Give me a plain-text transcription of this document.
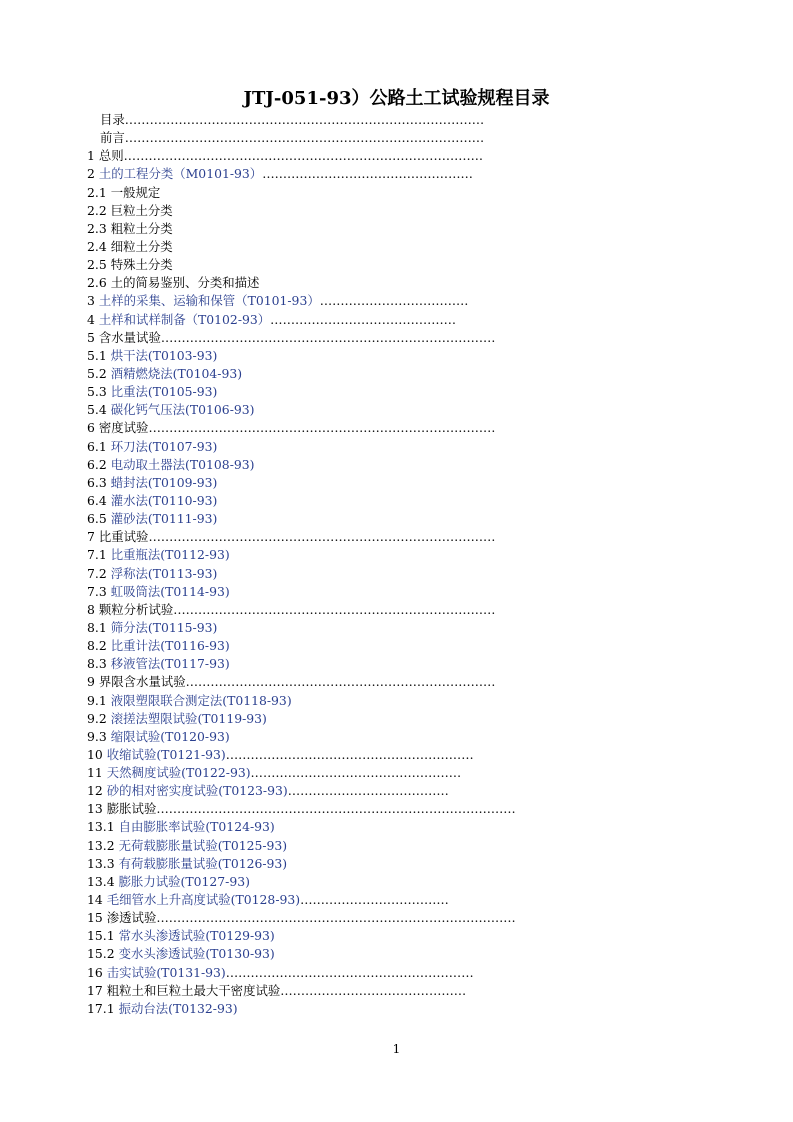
JTJ-051-93）公路土工试验规程目录
目录……………………………………………………………………………
前言……………………………………………………………………………
1 总则……………………………………………………………………………
2 土的工程分类（M0101-93）……………………………………………
2.1 一般规定
2.2 巨粒土分类
2.3 粗粒土分类
2.4 细粒土分类
2.5 特殊土分类
2.6 土的简易鉴别、分类和描述
3 土样的采集、运输和保管（T0101-93）………………………………
4 土样和试样制备（T0102-93）………………………………………
5 含水量试验………………………………………………………………………
5.1 烘干法(T0103-93)
5.2 酒精燃烧法(T0104-93)
5.3 比重法(T0105-93)
5.4 碳化钙气压法(T0106-93)
6 密度试验…………………………………………………………………………
6.1 环刀法(T0107-93)
6.2 电动取土器法(T0108-93)
6.3 蜡封法(T0109-93)
6.4 灌水法(T0110-93)
6.5 灌砂法(T0111-93)
7 比重试验…………………………………………………………………………
7.1 比重瓶法(T0112-93)
7.2 浮称法(T0113-93)
7.3 虹吸筒法(T0114-93)
8 颗粒分析试验……………………………………………………………………
8.1 筛分法(T0115-93)
8.2 比重计法(T0116-93)
8.3 移液管法(T0117-93)
9 界限含水量试验…………………………………………………………………
9.1 液限塑限联合测定法(T0118-93)
9.2 滚搓法塑限试验(T0119-93)
9.3 缩限试验(T0120-93)
10 收缩试验(T0121-93)……………………………………………………
11 天然稠度试验(T0122-93)……………………………………………
12 砂的相对密实度试验(T0123-93)…………………………………
13 膨胀试验……………………………………………………………………………
13.1 自由膨胀率试验(T0124-93)
13.2 无荷载膨胀量试验(T0125-93)
13.3 有荷载膨胀量试验(T0126-93)
13.4 膨胀力试验(T0127-93)
14 毛细管水上升高度试验(T0128-93)………………………………
15 渗透试验……………………………………………………………………………
15.1 常水头渗透试验(T0129-93)
15.2 变水头渗透试验(T0130-93)
16 击实试验(T0131-93)……………………………………………………
17 粗粒土和巨粒土最大干密度试验………………………………………
17.1 振动台法(T0132-93)
1
